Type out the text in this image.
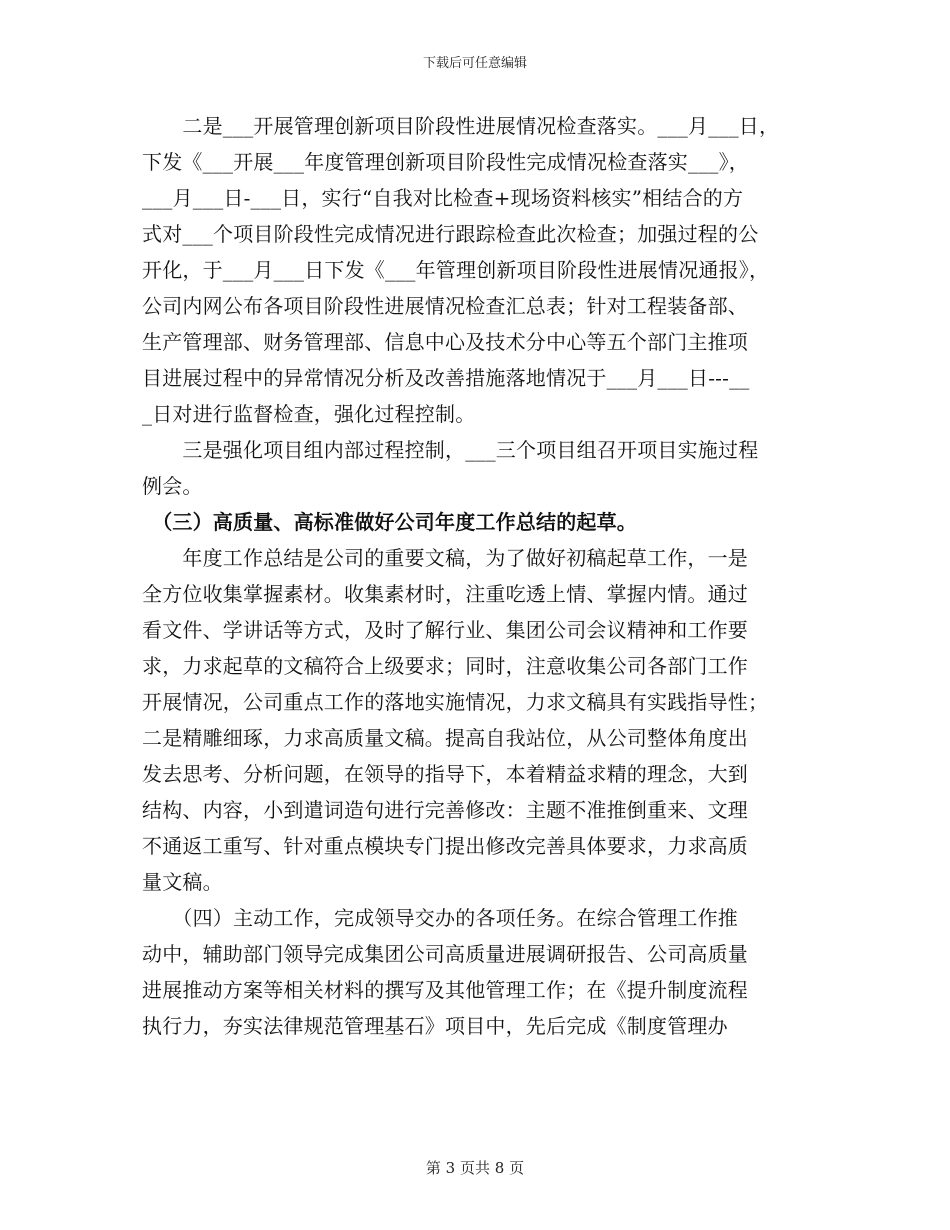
下载后可任意编辑
　　二是___开展管理创新项目阶段性进展情况检查落实。___月___日，
下发《___开展___年度管理创新项目阶段性完成情况检查落实___》，
___月___日-___日，实行“自我对比检查+现场资料核实”相结合的方
式对___个项目阶段性完成情况进行跟踪检查此次检查；加强过程的公
开化，于___月___日下发《___年管理创新项目阶段性进展情况通报》，
公司内网公布各项目阶段性进展情况检查汇总表；针对工程装备部、
生产管理部、财务管理部、信息中心及技术分中心等五个部门主推项
目进展过程中的异常情况分析及改善措施落地情况于___月___日---__
_日对进行监督检查，强化过程控制。
　　三是强化项目组内部过程控制，___三个项目组召开项目实施过程
例会。
　（三）高质量、高标准做好公司年度工作总结的起草。
　　年度工作总结是公司的重要文稿，为了做好初稿起草工作，一是
全方位收集掌握素材。收集素材时，注重吃透上情、掌握内情。通过
看文件、学讲话等方式，及时了解行业、集团公司会议精神和工作要
求，力求起草的文稿符合上级要求；同时，注意收集公司各部门工作
开展情况，公司重点工作的落地实施情况，力求文稿具有实践指导性；
二是精雕细琢，力求高质量文稿。提高自我站位，从公司整体角度出
发去思考、分析问题，在领导的指导下，本着精益求精的理念，大到
结构、内容，小到遣词造句进行完善修改：主题不准推倒重来、文理
不通返工重写、针对重点模块专门提出修改完善具体要求，力求高质
量文稿。
　　（四）主动工作，完成领导交办的各项任务。在综合管理工作推
动中，辅助部门领导完成集团公司高质量进展调研报告、公司高质量
进展推动方案等相关材料的撰写及其他管理工作；在《提升制度流程
执行力，夯实法律规范管理基石》项目中，先后完成《制度管理办
第 3 页共 8 页
